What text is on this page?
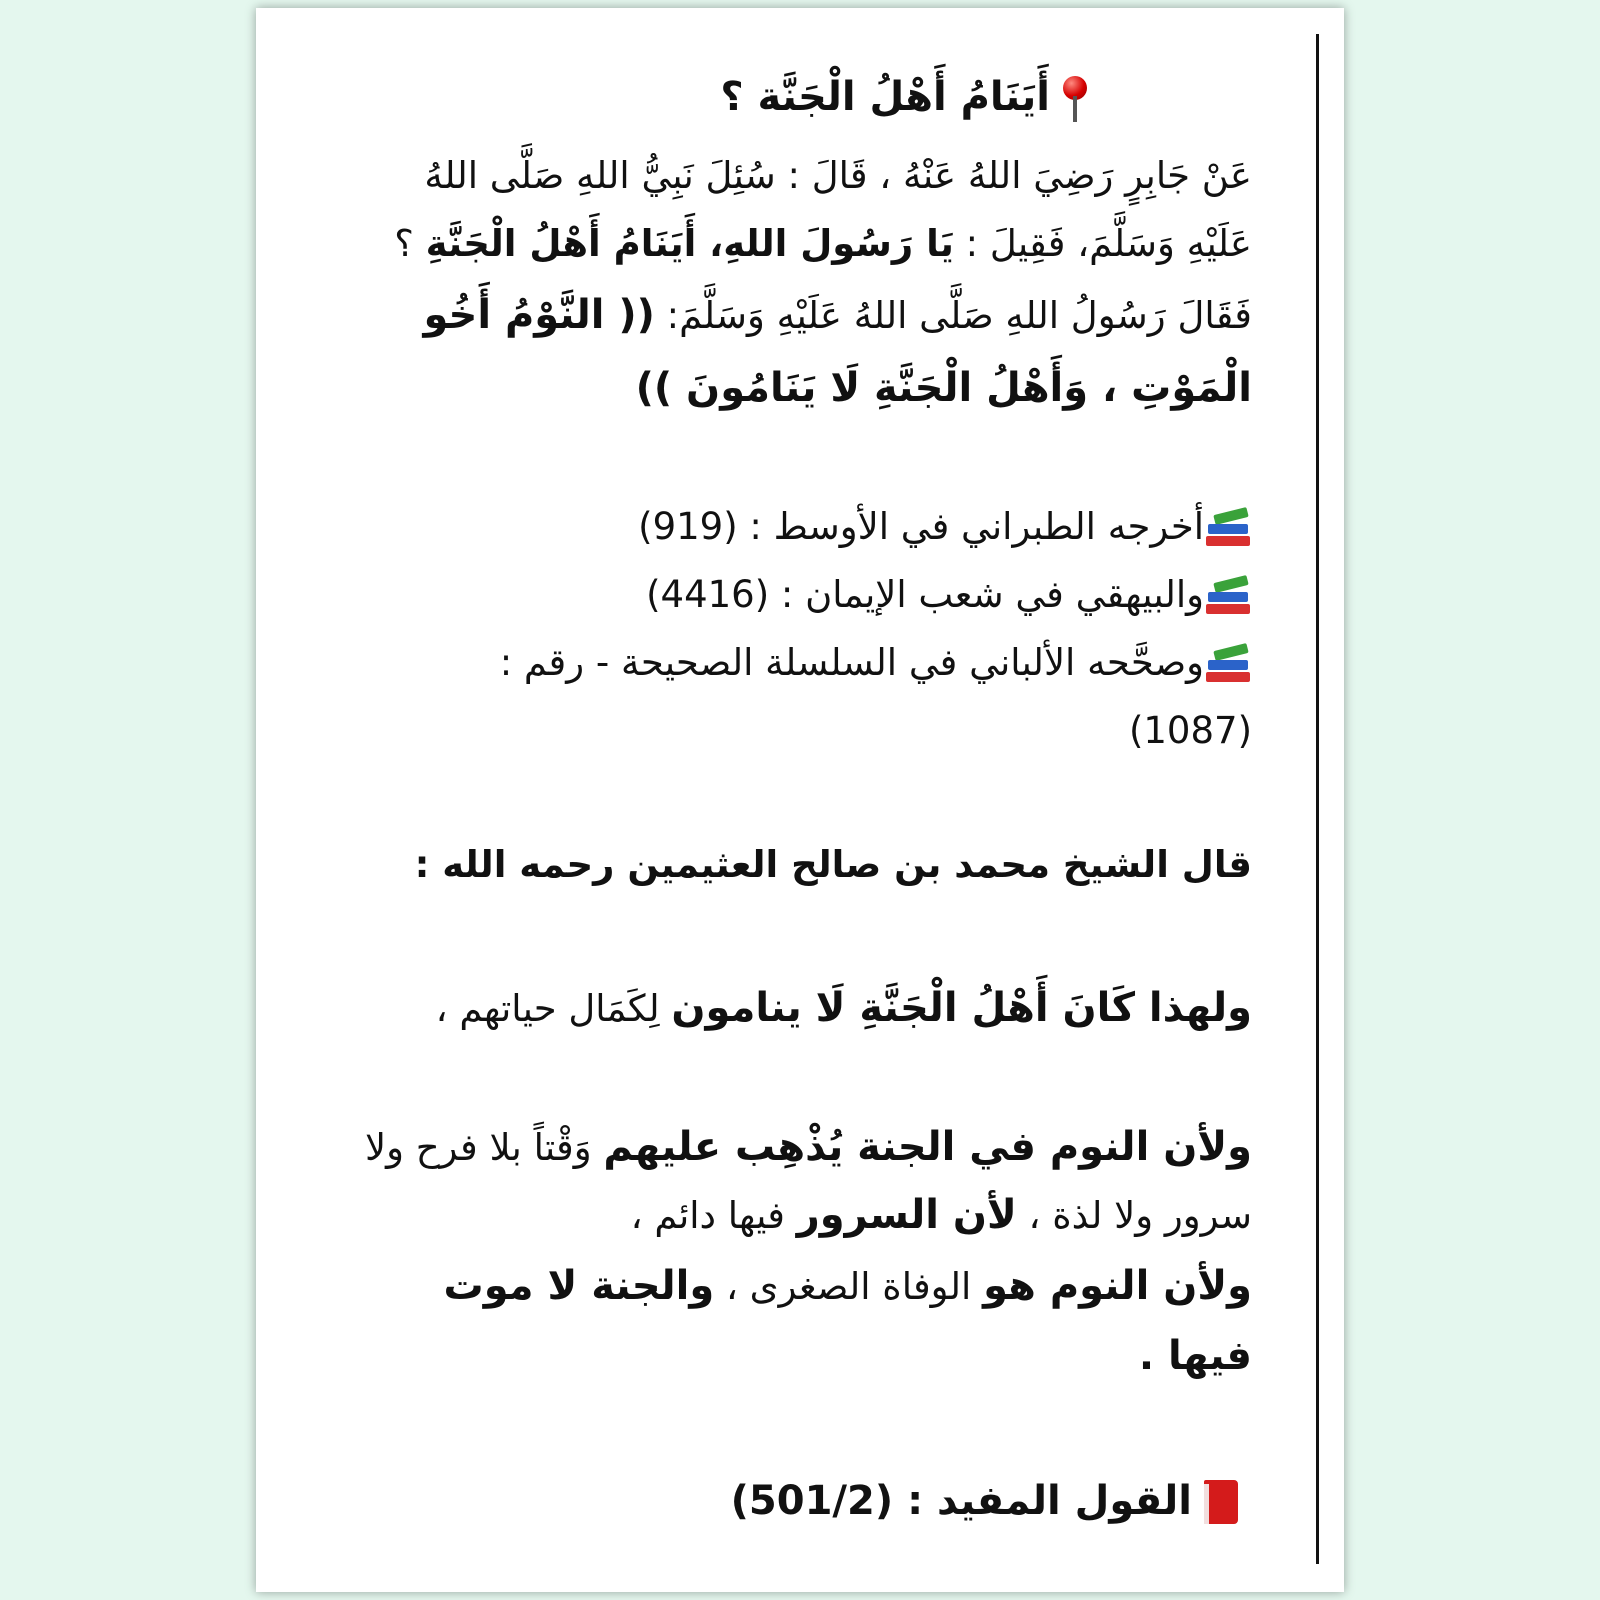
أَيَنَامُ أَهْلُ الْجَنَّة ؟
عَنْ جَابِرٍ رَضِيَ اللهُ عَنْهُ ، قَالَ : سُئِلَ نَبِيُّ اللهِ صَلَّى اللهُ
عَلَيْهِ وَسَلَّمَ، فَقِيلَ : يَا رَسُولَ اللهِ، أَيَنَامُ أَهْلُ الْجَنَّةِ ؟
فَقَالَ رَسُولُ اللهِ صَلَّى اللهُ عَلَيْهِ وَسَلَّمَ: (( النَّوْمُ أَخُو
الْمَوْتِ ، وَأَهْلُ الْجَنَّةِ لَا يَنَامُونَ ))
أخرجه الطبراني في الأوسط : (919)
والبيهقي في شعب الإيمان : (4416)
وصحَّحه الألباني في السلسلة الصحيحة - رقم :
(1087)
قال الشيخ محمد بن صالح العثيمين رحمه الله :
ولهذا كَانَ أَهْلُ الْجَنَّةِ لَا ينامون لِكَمَال حياتهم ،
ولأن النوم في الجنة يُذْهِب عليهم وَقْتاً بلا فرح ولا
سرور ولا لذة ، لأن السرور فيها دائم ،
ولأن النوم هو الوفاة الصغرى ، والجنة لا موت
فيها .
القول المفيد : (501/2)
